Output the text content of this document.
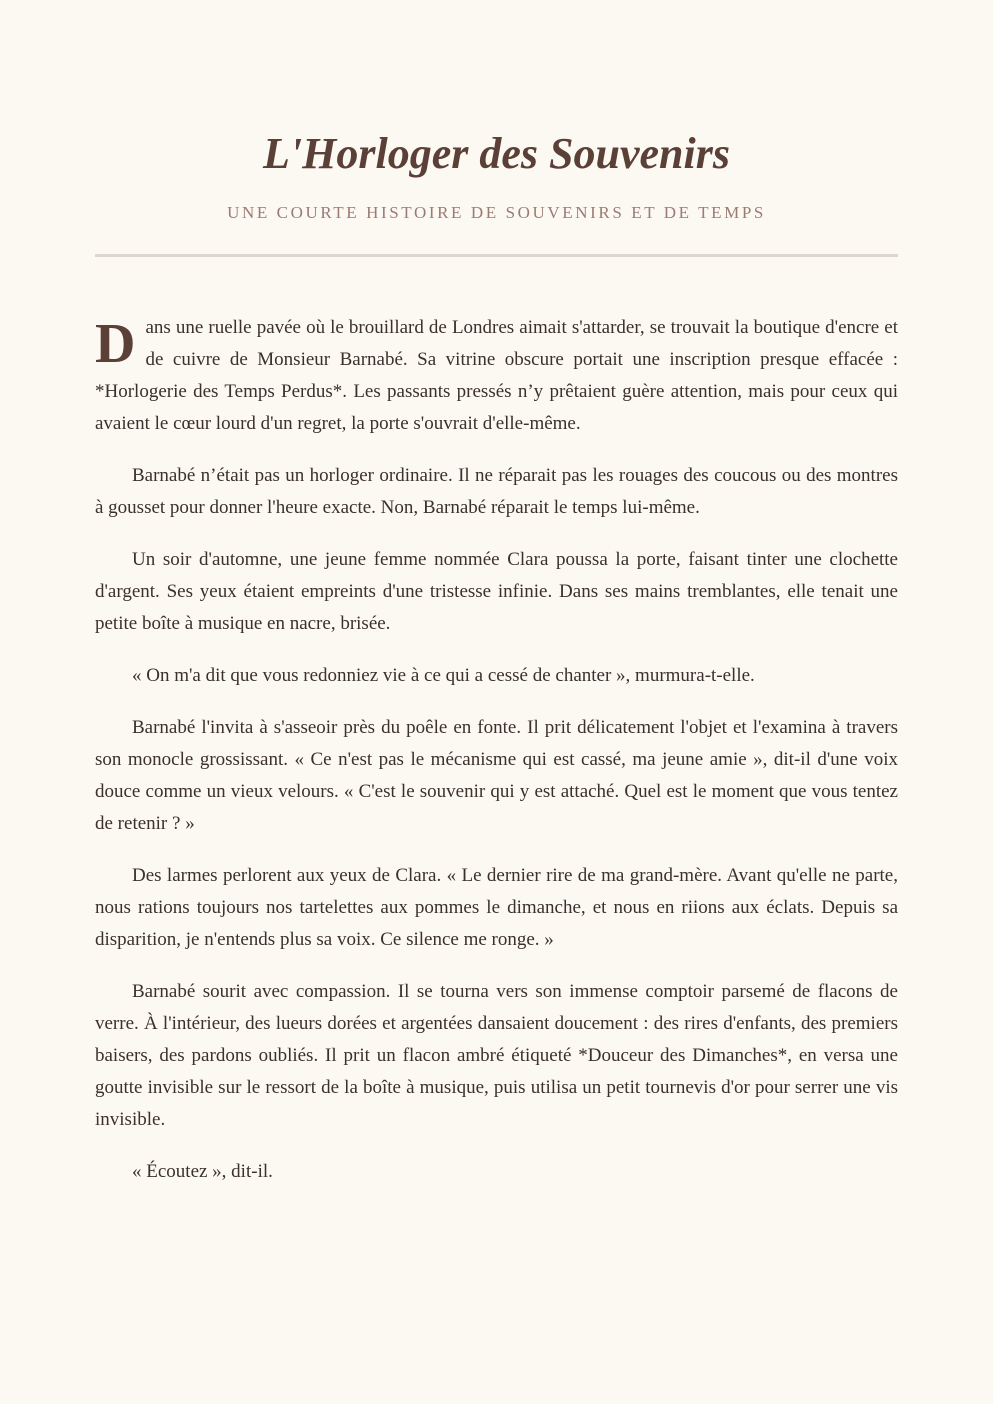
L'Horloger des Souvenirs

UNE COURTE HISTOIRE DE SOUVENIRS ET DE TEMPS

Dans une ruelle pavée où le brouillard de Londres aimait s'attarder, se trouvait la boutique d'encre et de cuivre de Monsieur Barnabé. Sa vitrine obscure portait une inscription presque effacée : *Horlogerie des Temps Perdus*. Les passants pressés n’y prêtaient guère attention, mais pour ceux qui avaient le cœur lourd d'un regret, la porte s'ouvrait d'elle-même.

Barnabé n’était pas un horloger ordinaire. Il ne réparait pas les rouages des coucous ou des montres à gousset pour donner l'heure exacte. Non, Barnabé réparait le temps lui-même.

Un soir d'automne, une jeune femme nommée Clara poussa la porte, faisant tinter une clochette d'argent. Ses yeux étaient empreints d'une tristesse infinie. Dans ses mains tremblantes, elle tenait une petite boîte à musique en nacre, brisée.

« On m'a dit que vous redonniez vie à ce qui a cessé de chanter », murmura-t-elle.

Barnabé l'invita à s'asseoir près du poêle en fonte. Il prit délicatement l'objet et l'examina à travers son monocle grossissant. « Ce n'est pas le mécanisme qui est cassé, ma jeune amie », dit-il d'une voix douce comme un vieux velours. « C'est le souvenir qui y est attaché. Quel est le moment que vous tentez de retenir ? »

Des larmes perlorent aux yeux de Clara. « Le dernier rire de ma grand-mère. Avant qu'elle ne parte, nous rations toujours nos tartelettes aux pommes le dimanche, et nous en riions aux éclats. Depuis sa disparition, je n'entends plus sa voix. Ce silence me ronge. »

Barnabé sourit avec compassion. Il se tourna vers son immense comptoir parsemé de flacons de verre. À l'intérieur, des lueurs dorées et argentées dansaient doucement : des rires d'enfants, des premiers baisers, des pardons oubliés. Il prit un flacon ambré étiqueté *Douceur des Dimanches*, en versa une goutte invisible sur le ressort de la boîte à musique, puis utilisa un petit tournevis d'or pour serrer une vis invisible.

« Écoutez », dit-il.
